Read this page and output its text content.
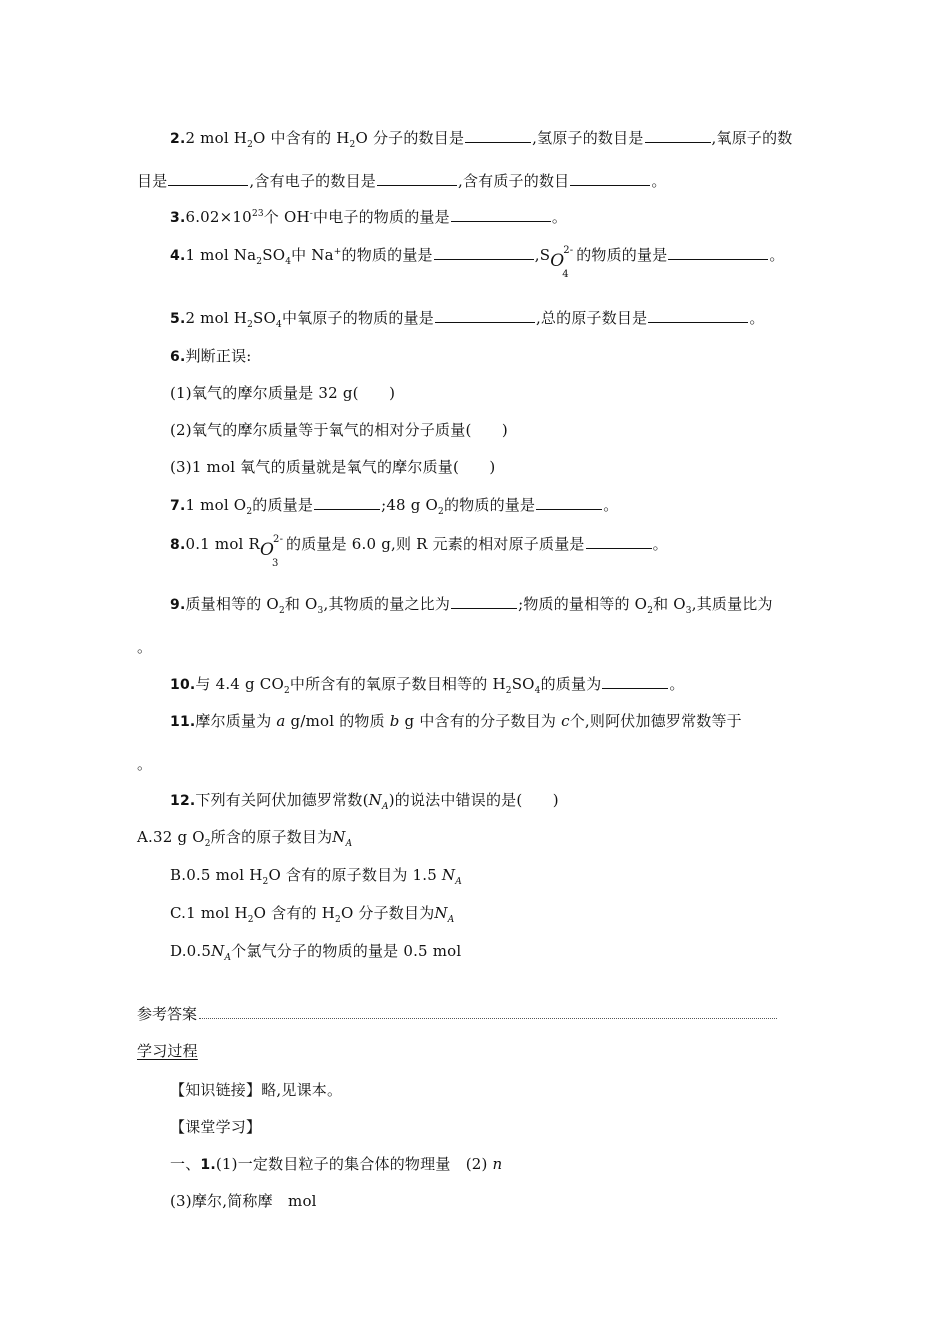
2.2 mol $H_2O$ 中含有的 $H_2O$ 分子的数目是	,氢原子的数目是	,氧原子的数
目是	,含有电子的数目是	,含有质子的数目	。
$3.6.02\times 10^{23}$个 OH-中电子的物质的量是	。
4.1 mol $Na_2SO_4$中 Na+的物质的量是	,S O
4
2- 的物质的量是	。
5.2 mol $H_2SO_4$中氧原子的物质的量是	,总的原子数目是	。
6.判断正误:
(1)氧气的摩尔质量是 32 g(　　)
(2)氧气的摩尔质量等于氧气的相对分子质量(　　)
(3)1 mol 氧气的质量就是氧气的摩尔质量(　　)
7.1 mol $O_2$的质量是	;48 g $O_2$的物质的量是	。
8.0.1 mol R O
3
2- 的质量是 6.0 g,则 R 元素的相对原子质量是	。
9.质量相等的 $O_2$和 $O_3$,其物质的量之比为	;物质的量相等的 $O_2$和 $O_3$,其质量比为
。
10.与 4.4 g $CO_2$中所含有的氧原子数目相等的 $H_2SO_4$的质量为	。
11.摩尔质量为 a g/mol 的物质 b g 中含有的分子数目为 c个,则阿伏加德罗常数等于
。
12.下列有关阿伏加德罗常数$(N_A)$的说法中错误的是(　　)
A.32 g $O_2$所含的原子数目为$N_A$
B.0.5 mol $H_2O$ 含有的原子数目为 1.5 $N_A$
C.1 mol $H_2O$ 含有的 $H_2O$ 分子数目为$N_A$
$D.0.5N_A$个氯气分子的物质的量是 0.5 mol
参考答案
学习过程
【知识链接】略,见课本。
【课堂学习】
一、1.(1)一定数目粒子的集合体的物理量　(2) n
(3)摩尔,简称摩　mol
